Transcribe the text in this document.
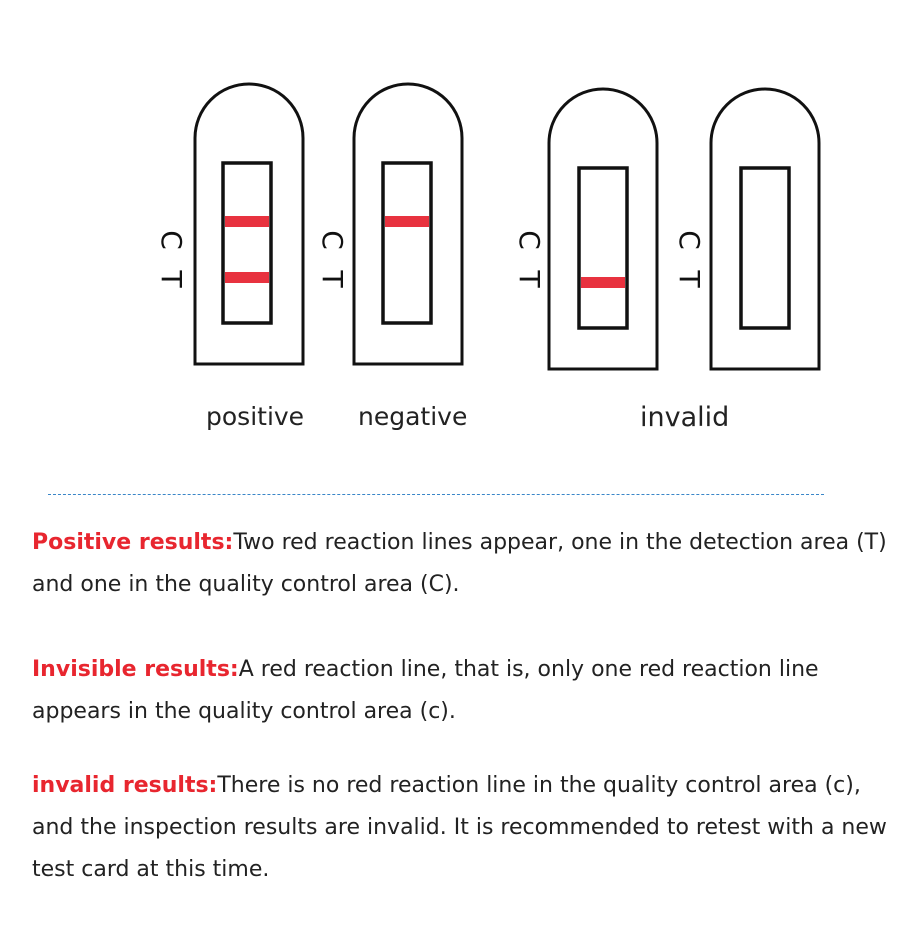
C
T
C
T
C
T
C
T
positive negative	invalid
Positive results:Two red reaction lines appear, one in the detection area (T) and one in the quality control area (C).
Invisible results:A red reaction line, that is, only one red reaction line appears in the quality control area (c).
invalid results:There is no red reaction line in the quality control area (c), and the inspection results are invalid. It is recommended to retest with a new test card at this time.
